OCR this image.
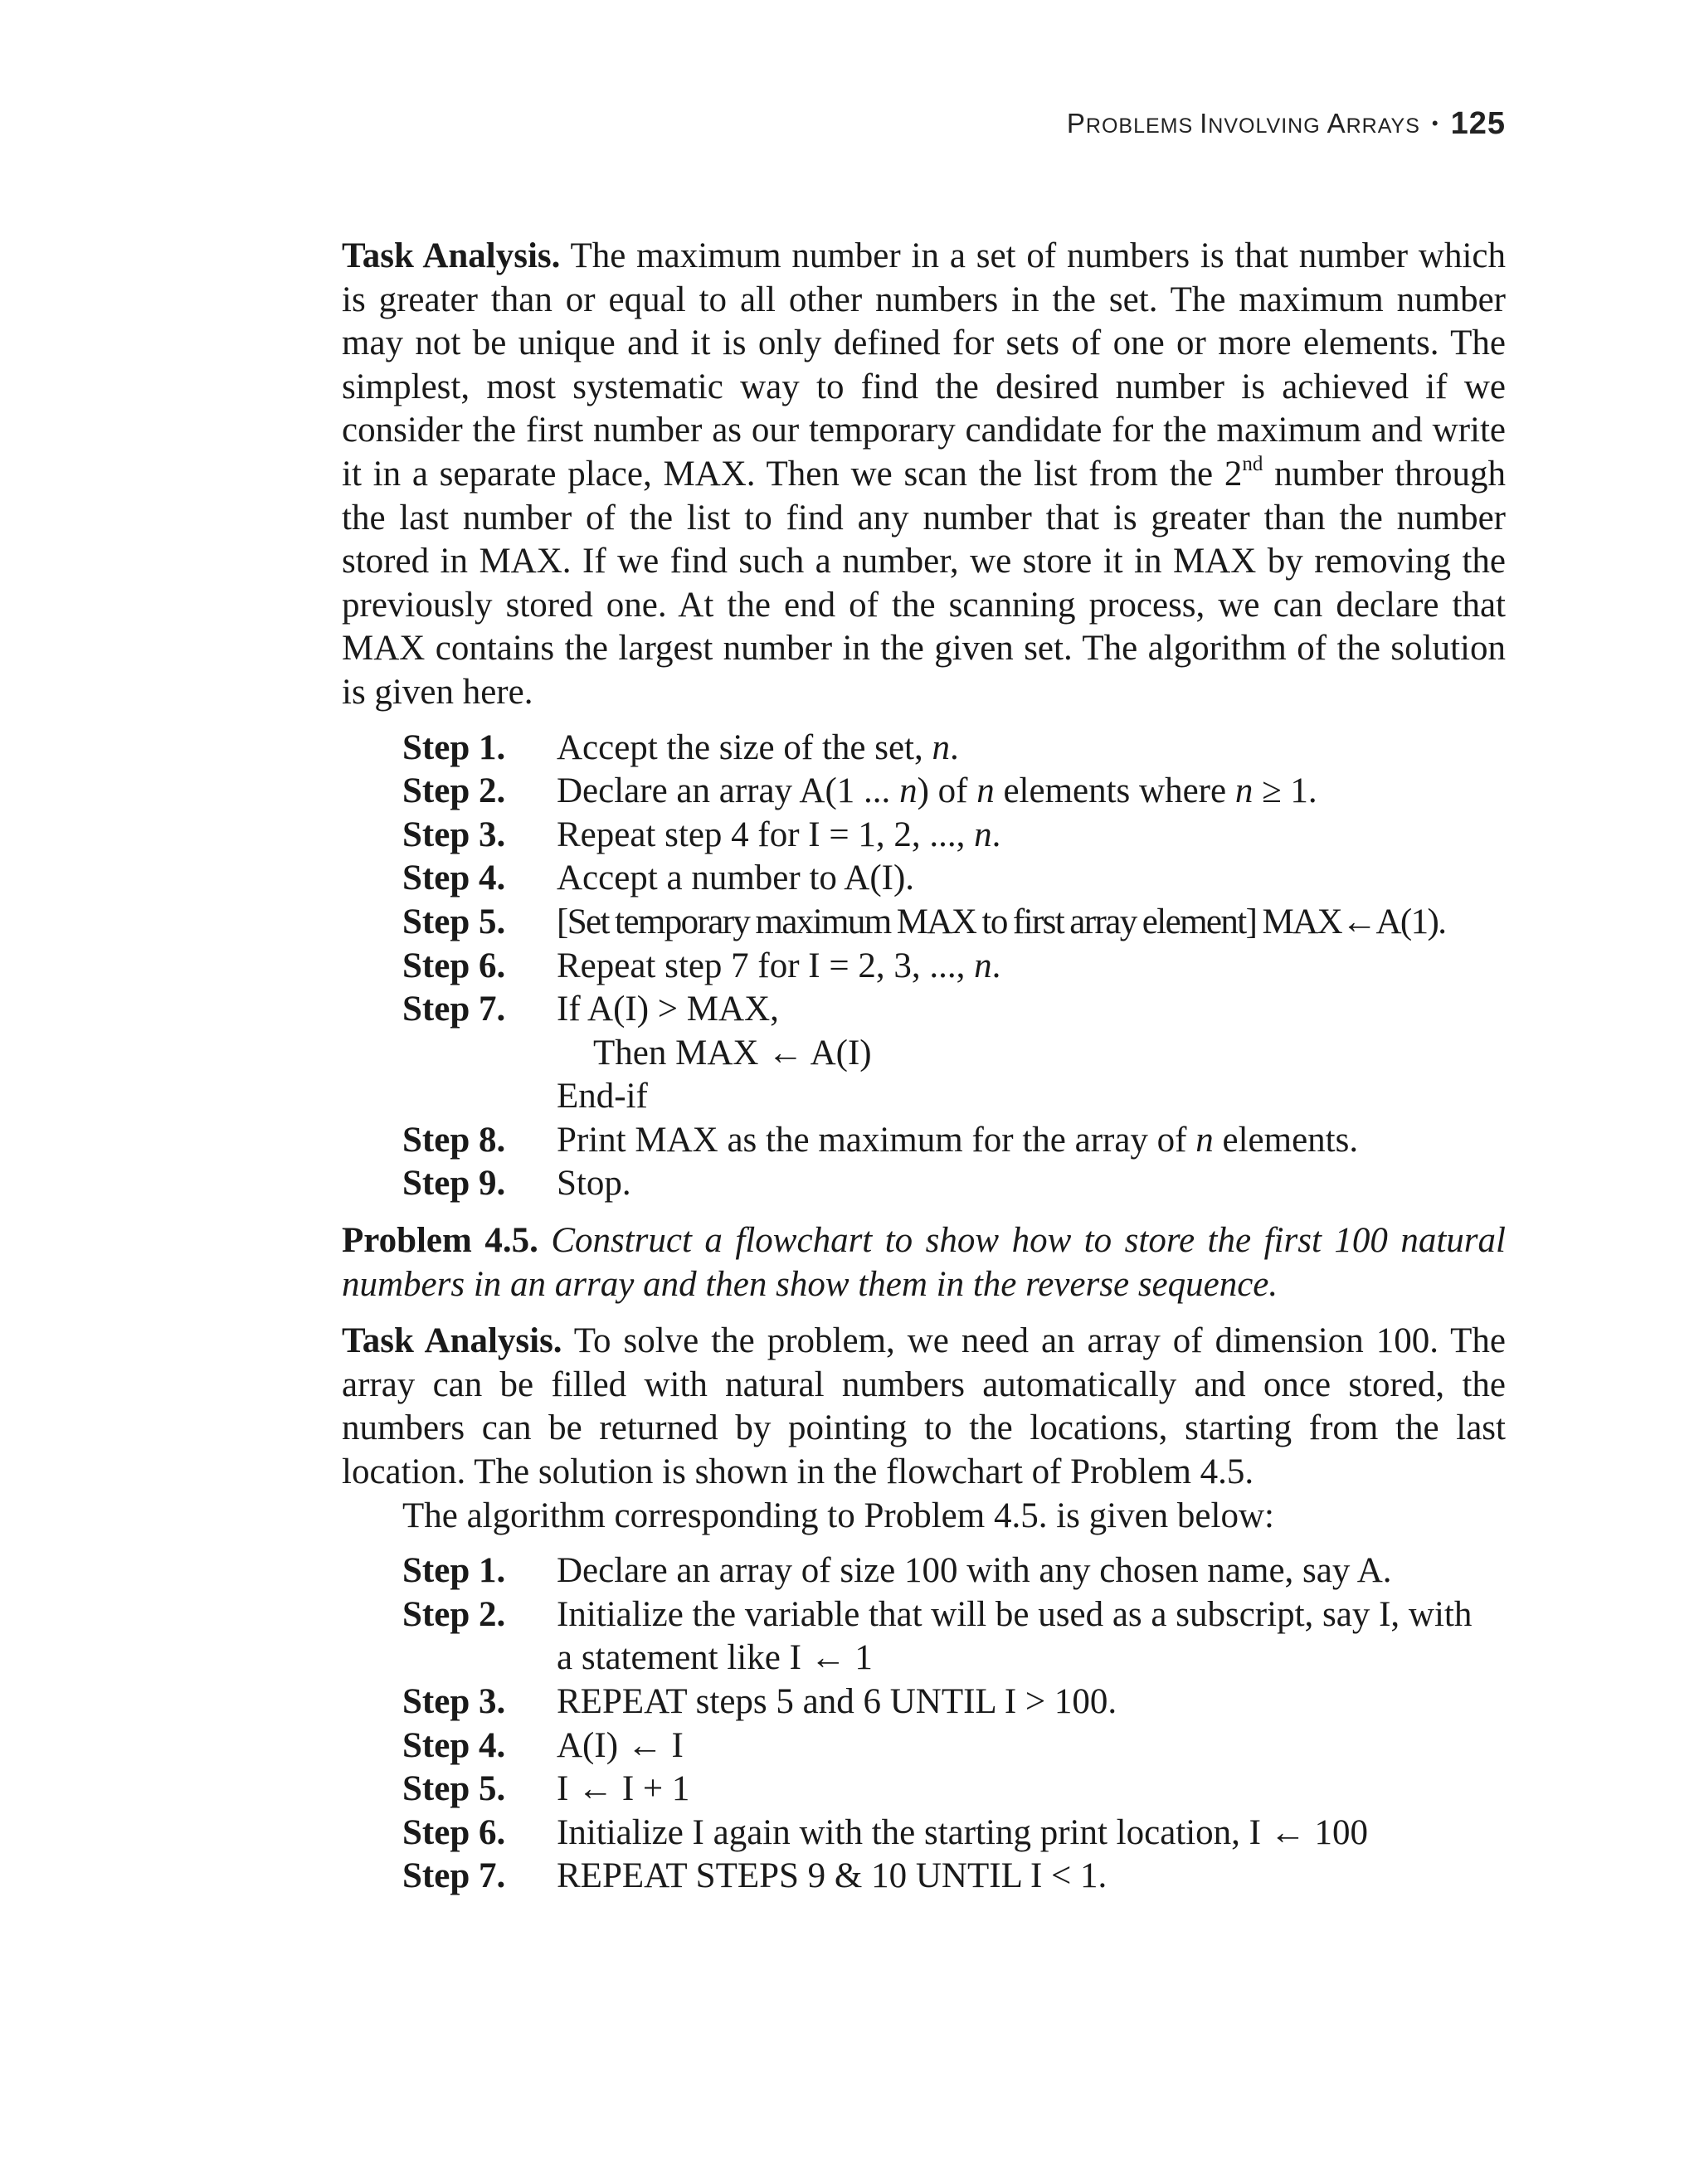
PROBLEMS INVOLVING ARRAYS • 125

Task Analysis. The maximum number in a set of numbers is that number which is greater than or equal to all other numbers in the set. The maximum number may not be unique and it is only defined for sets of one or more elements. The simplest, most systematic way to find the desired number is achieved if we consider the first number as our temporary candidate for the maximum and write it in a separate place, MAX. Then we scan the list from the 2nd number through the last number of the list to find any number that is greater than the number stored in MAX. If we find such a number, we store it in MAX by removing the previously stored one. At the end of the scanning process, we can declare that MAX contains the largest number in the given set. The algorithm of the solution is given here.

Step 1.	Accept the size of the set, n.
Step 2.	Declare an array A(1 ... n) of n elements where n ≥ 1.
Step 3.	Repeat step 4 for I = 1, 2, ..., n.
Step 4.	Accept a number to A(I).
Step 5.	[Set temporary maximum MAX to first array element] MAX←A(1).
Step 6.	Repeat step 7 for I = 2, 3, ..., n.
Step 7.	If A(I) > MAX,
Then MAX ← A(I)
End-if
Step 8.	Print MAX as the maximum for the array of n elements.
Step 9.	Stop.

Problem 4.5. Construct a flowchart to show how to store the first 100 natural numbers in an array and then show them in the reverse sequence.

Task Analysis. To solve the problem, we need an array of dimension 100. The array can be filled with natural numbers automatically and once stored, the numbers can be returned by pointing to the locations, starting from the last location. The solution is shown in the flowchart of Problem 4.5.

The algorithm corresponding to Problem 4.5. is given below:

Step 1.	Declare an array of size 100 with any chosen name, say A.
Step 2.	Initialize the variable that will be used as a subscript, say I, with
a statement like I ← 1
Step 3.	REPEAT steps 5 and 6 UNTIL I > 100.
Step 4.	A(I) ← I
Step 5.	I ← I + 1
Step 6.	Initialize I again with the starting print location, I ← 100
Step 7.	REPEAT STEPS 9 & 10 UNTIL I < 1.
